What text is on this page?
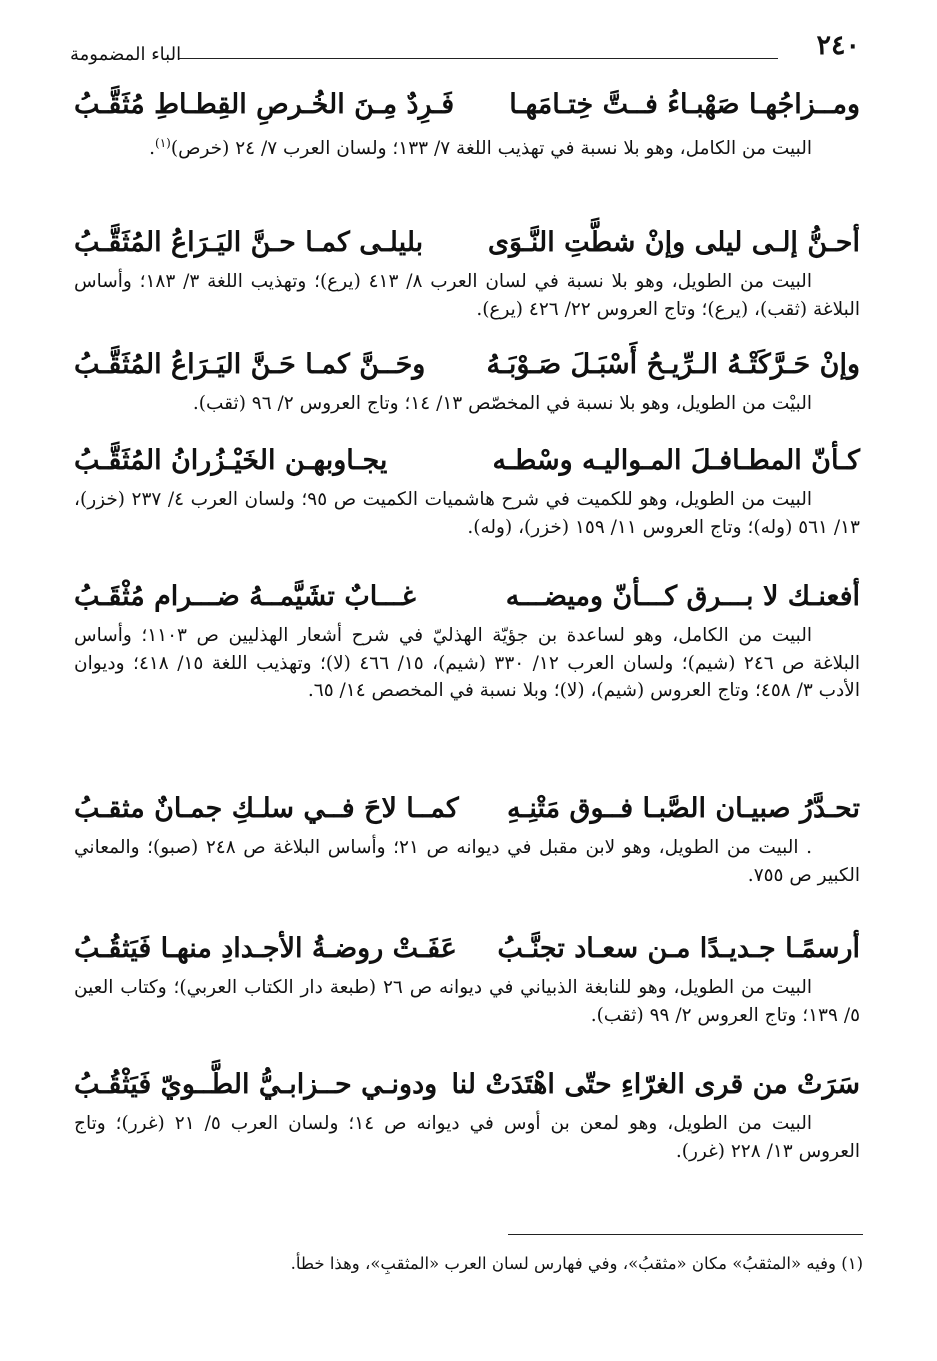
٢٤٠
الباء المضمومة
ومــزاجُهـا صَهْبـاءُ فــتَّ خِتـامَهـا
فَـرِدٌ مِـنَ الخُـرصِ القِطـاطِ مُثَقَّـبُ
البيت من الكامل، وهو بلا نسبة في تهذيب اللغة ٧/ ١٣٣؛ ولسان العرب ٧/ ٢٤ (خرص)$^{(١)}$.
أحـنُّ إلـى ليلى وإنْ شطَّتِ النَّـوَى
بليلـى كمـا حـنَّ اليَـرَاعُ المُثَقَّـبُ
البيت من الطويل، وهو بلا نسبة في لسان العرب ٨/ ٤١٣ (يرع)؛ وتهذيب اللغة ٣/ ١٨٣؛ وأساس البلاغة (ثقب)، (يرع)؛ وتاج العروس ٢٢/ ٤٢٦ (يرع).
وإنْ حَـرَّكَتْـهُ الـرِّيـحُ أَسْبَـلَ صَـوْبَـهُ
وحَــنَّ كمـا حَـنَّ اليَـرَاعُ المُثَقَّـبُ
البيْت من الطويل، وهو بلا نسبة في المخصّص ١٣/ ١٤؛ وتاج العروس ٢/ ٩٦ (ثقب).
كـأنّ المطـافـلَ المـواليـه وسْطـه
يجـاوبهـن الخَيْـزُرانُ المُثَقَّـبُ
البيت من الطويل، وهو للكميت في شرح هاشميات الكميت ص ٩٥؛ ولسان العرب ٤/ ٢٣٧ (خزر)، ١٣/ ٥٦١ (وله)؛ وتاج العروس ١١/ ١٥٩ (خزر)، (وله).
أفعنـك لا بـــرق كـــأنّ وميضـــه
غـــابٌ تشَيَّمــهُ ضـــرام مُثْقَـبُ
البيت من الكامل، وهو لساعدة بن جؤيّة الهذليّ في شرح أشعار الهذليين ص ١١٠٣؛ وأساس البلاغة ص ٢٤٦ (شيم)؛ ولسان العرب ١٢/ ٣٣٠ (شيم)، ١٥/ ٤٦٦ (لا)؛ وتهذيب اللغة ١٥/ ٤١٨؛ وديوان الأدب ٣/ ٤٥٨؛ وتاج العروس (شيم)، (لا)؛ وبلا نسبة في المخصص ١٤/ ٦٥.
تحـدَّرُ صبيـان الصَّبـا فــوق مَتْنِـهِ
كمــا لاحَ فــي سلـكِ جمـانٌ مثقـبُ
. البيت من الطويل، وهو لابن مقبل في ديوانه ص ٢١؛ وأساس البلاغة ص ٢٤٨ (صبو)؛ والمعاني الكبير ص ٧٥٥.
أرسمًـا جـديـدًا مـن سعـاد تجنَّـبُ
عَفَـتْ روضـةُ الأجـدادِ منهـا فَيَثقُـبُ
البيت من الطويل، وهو للنابغة الذبياني في ديوانه ص ٢٦ (طبعة دار الكتاب العربي)؛ وكتاب العين ٥/ ١٣٩؛ وتاج العروس ٢/ ٩٩ (ثقب).
سَرَتْ من قرى الغرّاءِ حتّى اهْتَدَتْ لنا
ودونـي حــزابـيُّ الطَّــويّ فَيَثْقُـبُ
البيت من الطويل، وهو لمعن بن أوس في ديوانه ص ١٤؛ ولسان العرب ٥/ ٢١ (غرر)؛ وتاج العروس ١٣/ ٢٢٨ (غرر).
(١) وفيه «المثقبُ» مكان «مثقبُ»، وفي فهارس لسان العرب «المثقبِ»، وهذا خطأ.
